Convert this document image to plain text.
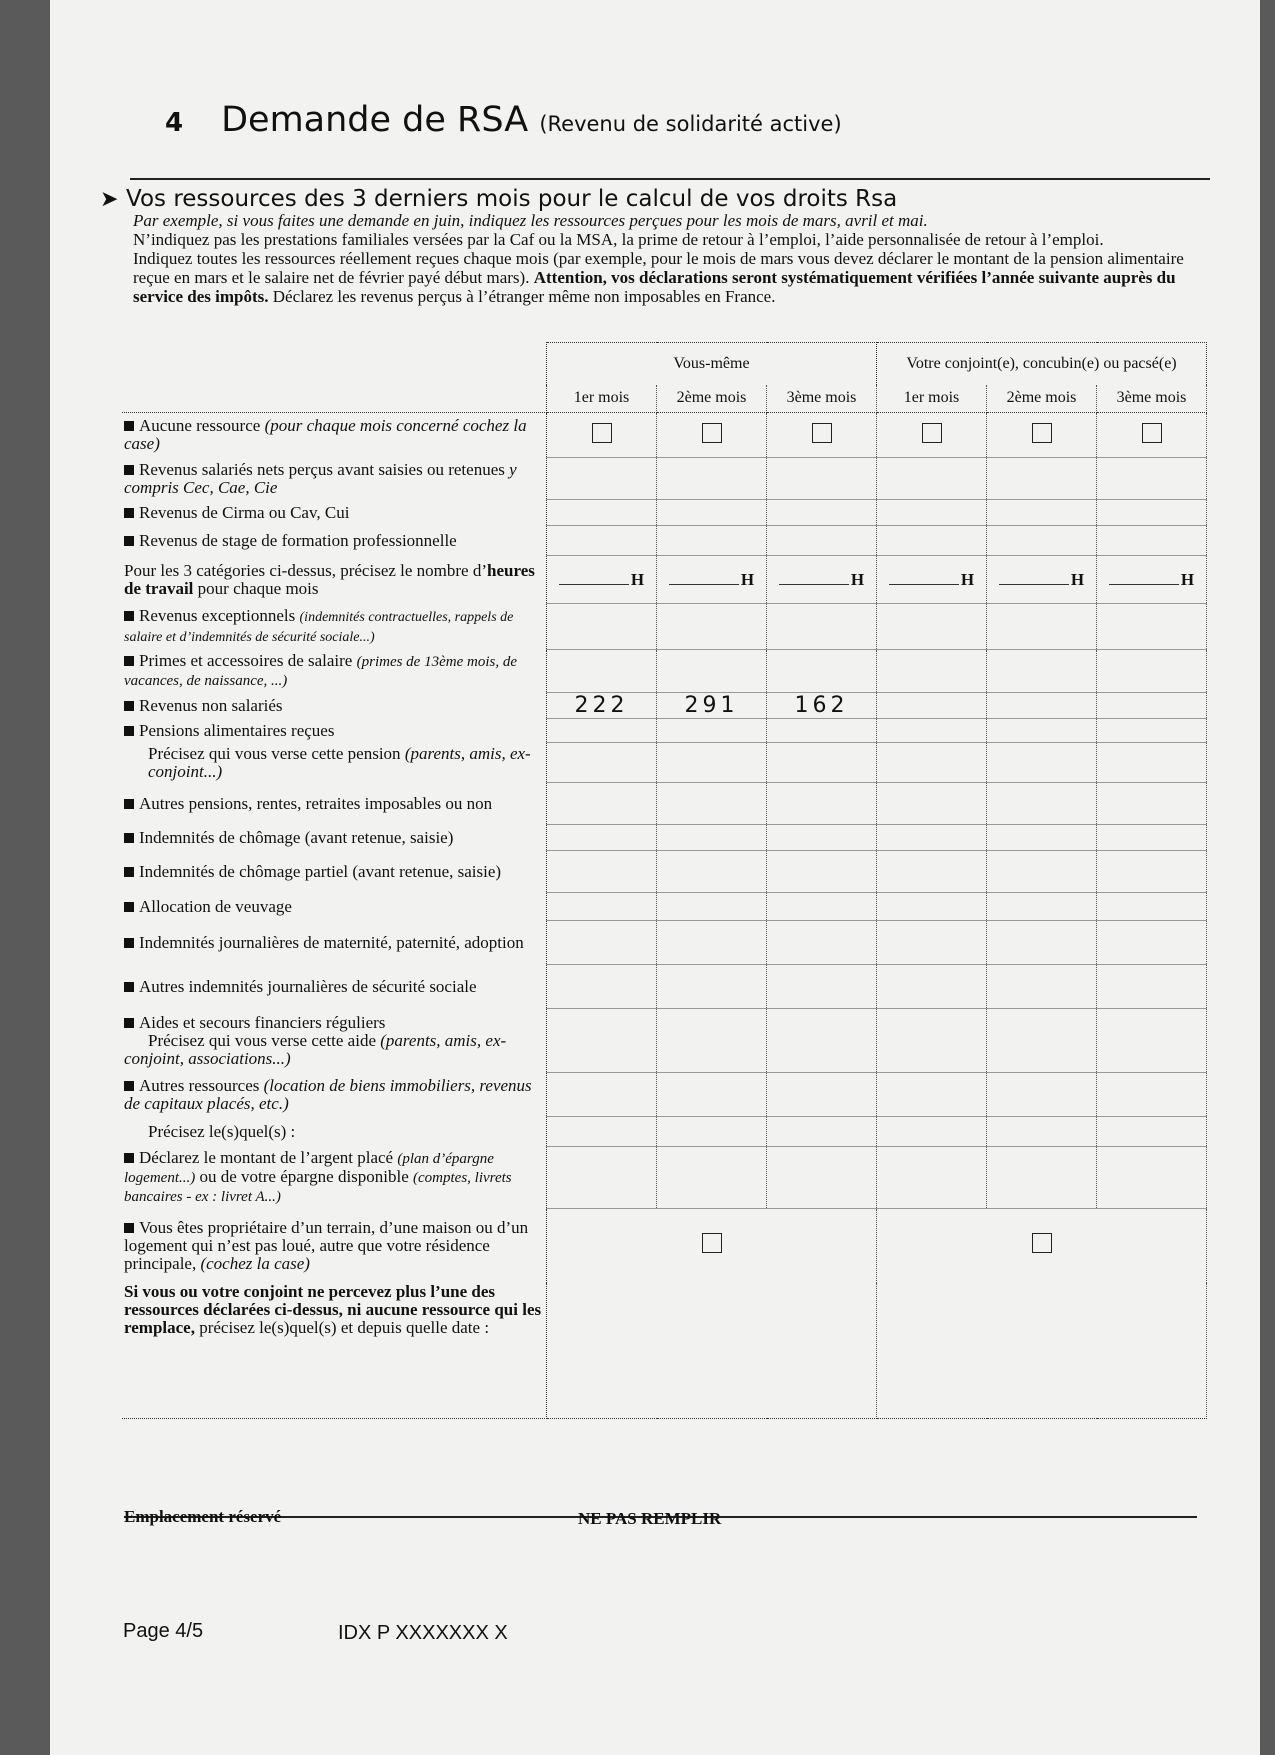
4 Demande de RSA (Revenu de solidarité active)
➤ Vos ressources des 3 derniers mois pour le calcul de vos droits Rsa

Par exemple, si vous faites une demande en juin, indiquez les ressources perçues pour les mois de mars, avril et mai.

N’indiquez pas les prestations familiales versées par la Caf ou la MSA, la prime de retour à l’emploi, l’aide personnalisée de retour à l’emploi.

Indiquez toutes les ressources réellement reçues chaque mois (par exemple, pour le mois de mars vous devez déclarer le montant de la pension alimentaire reçue en mars et le salaire net de février payé début mars). Attention, vos déclarations seront systématiquement vérifiées l’année suivante auprès du service des impôts. Déclarez les revenus perçus à l’étranger même non imposables en France.

	Vous-même			Votre conjoint(e), concubin(e) ou pacsé(e)		

1er mois	2ème mois	3ème mois	1er mois	2ème mois	3ème mois
Aucune ressource (pour chaque mois concerné cochez la case)						
Revenus salariés nets perçus avant saisies ou retenues y compris Cec, Cae, Cie						
Revenus de Cirma ou Cav, Cui						
Revenus de stage de formation professionnelle						
Pour les 3 catégories ci-dessus, précisez le nombre d’heures de travail pour chaque mois	H	H	H	H	H	H
Revenus exceptionnels (indemnités contractuelles, rappels de salaire et d’indemnités de sécurité sociale...)						
Primes et accessoires de salaire (primes de 13ème mois, de vacances, de naissance, ...)						
Revenus non salariés	222	291	162			
Pensions alimentaires reçues						
Précisez qui vous verse cette pension (parents, amis, ex-conjoint...)						
Autres pensions, rentes, retraites imposables ou non						
Indemnités de chômage (avant retenue, saisie)						
Indemnités de chômage partiel (avant retenue, saisie)						
Allocation de veuvage						
Indemnités journalières de maternité, paternité, adoption						
Autres indemnités journalières de sécurité sociale						
Aides et secours financiers réguliers
Précisez qui vous verse cette aide (parents, amis, ex-conjoint, associations...)						
Autres ressources (location de biens immobiliers, revenus de capitaux placés, etc.)						
Précisez le(s)quel(s) :						
Déclarez le montant de l’argent placé (plan d’épargne logement...) ou de votre épargne disponible (comptes, livrets bancaires - ex : livret A...)						
Vous êtes propriétaire d’un terrain, d’une maison ou d’un logement qui n’est pas loué, autre que votre résidence principale, (cochez la case)						
Si vous ou votre conjoint ne percevez plus l’une des ressources déclarées ci-dessus, ni aucune ressource qui les remplace, précisez le(s)quel(s) et depuis quelle date :						
Emplacement réservé	NE PAS REMPLIR
Page 4/5	IDX P XXXXXXX X
